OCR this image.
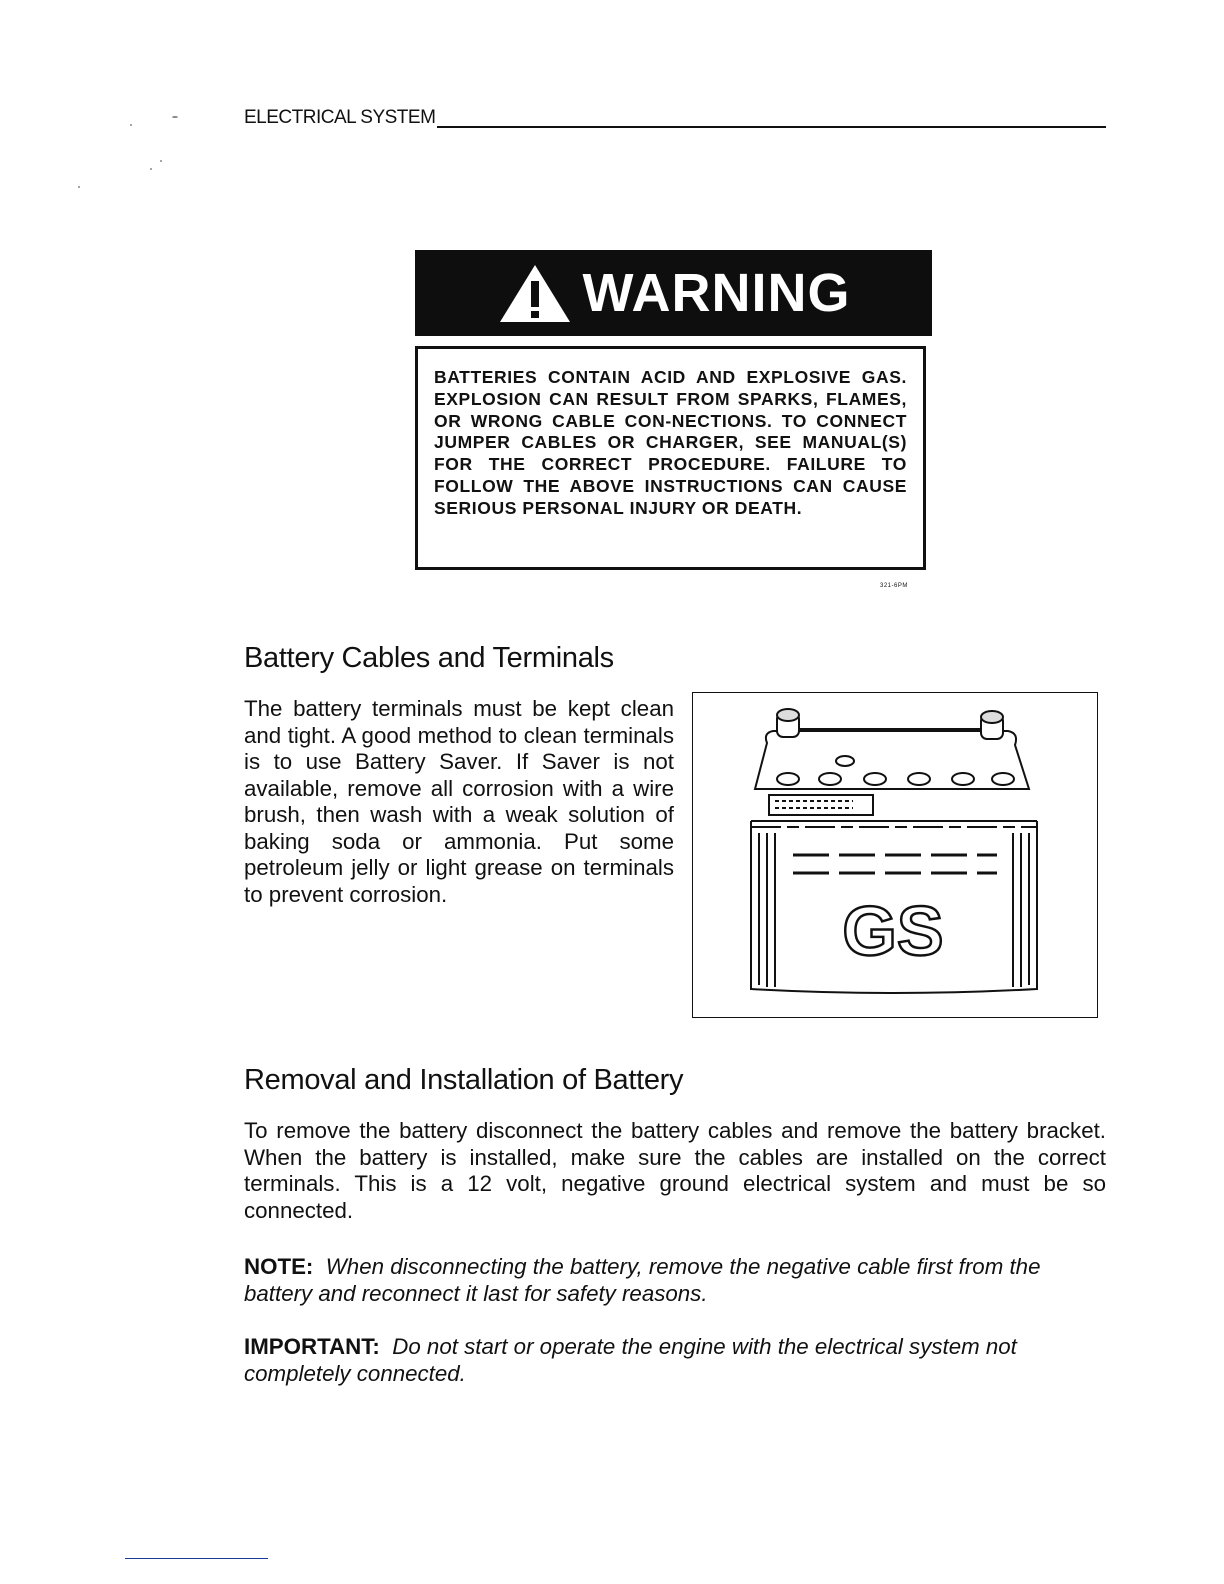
ELECTRICAL SYSTEM
WARNING

BATTERIES CONTAIN ACID AND EXPLOSIVE GAS. EXPLOSION CAN RESULT FROM SPARKS, FLAMES, OR WRONG CABLE CON-NECTIONS. TO CONNECT JUMPER CABLES OR CHARGER, SEE MANUAL(S) FOR THE CORRECT PROCEDURE. FAILURE TO FOLLOW THE ABOVE INSTRUCTIONS CAN CAUSE SERIOUS PERSONAL INJURY OR DEATH.

321-6PM
Battery Cables and Terminals

The battery terminals must be kept clean and tight. A good method to clean terminals is to use Battery Saver. If Saver is not available, remove all corrosion with a wire brush, then wash with a weak solution of baking soda or ammonia. Put some petroleum jelly or light grease on terminals to prevent corrosion.	GS
Removal and Installation of Battery

To remove the battery disconnect the battery cables and remove the battery bracket. When the battery is installed, make sure the cables are installed on the correct terminals. This is a 12 volt, negative ground electrical system and must be so connected.

NOTE: When disconnecting the battery, remove the negative cable first from the battery and reconnect it last for safety reasons.

IMPORTANT: Do not start or operate the engine with the electrical system not completely connected.
